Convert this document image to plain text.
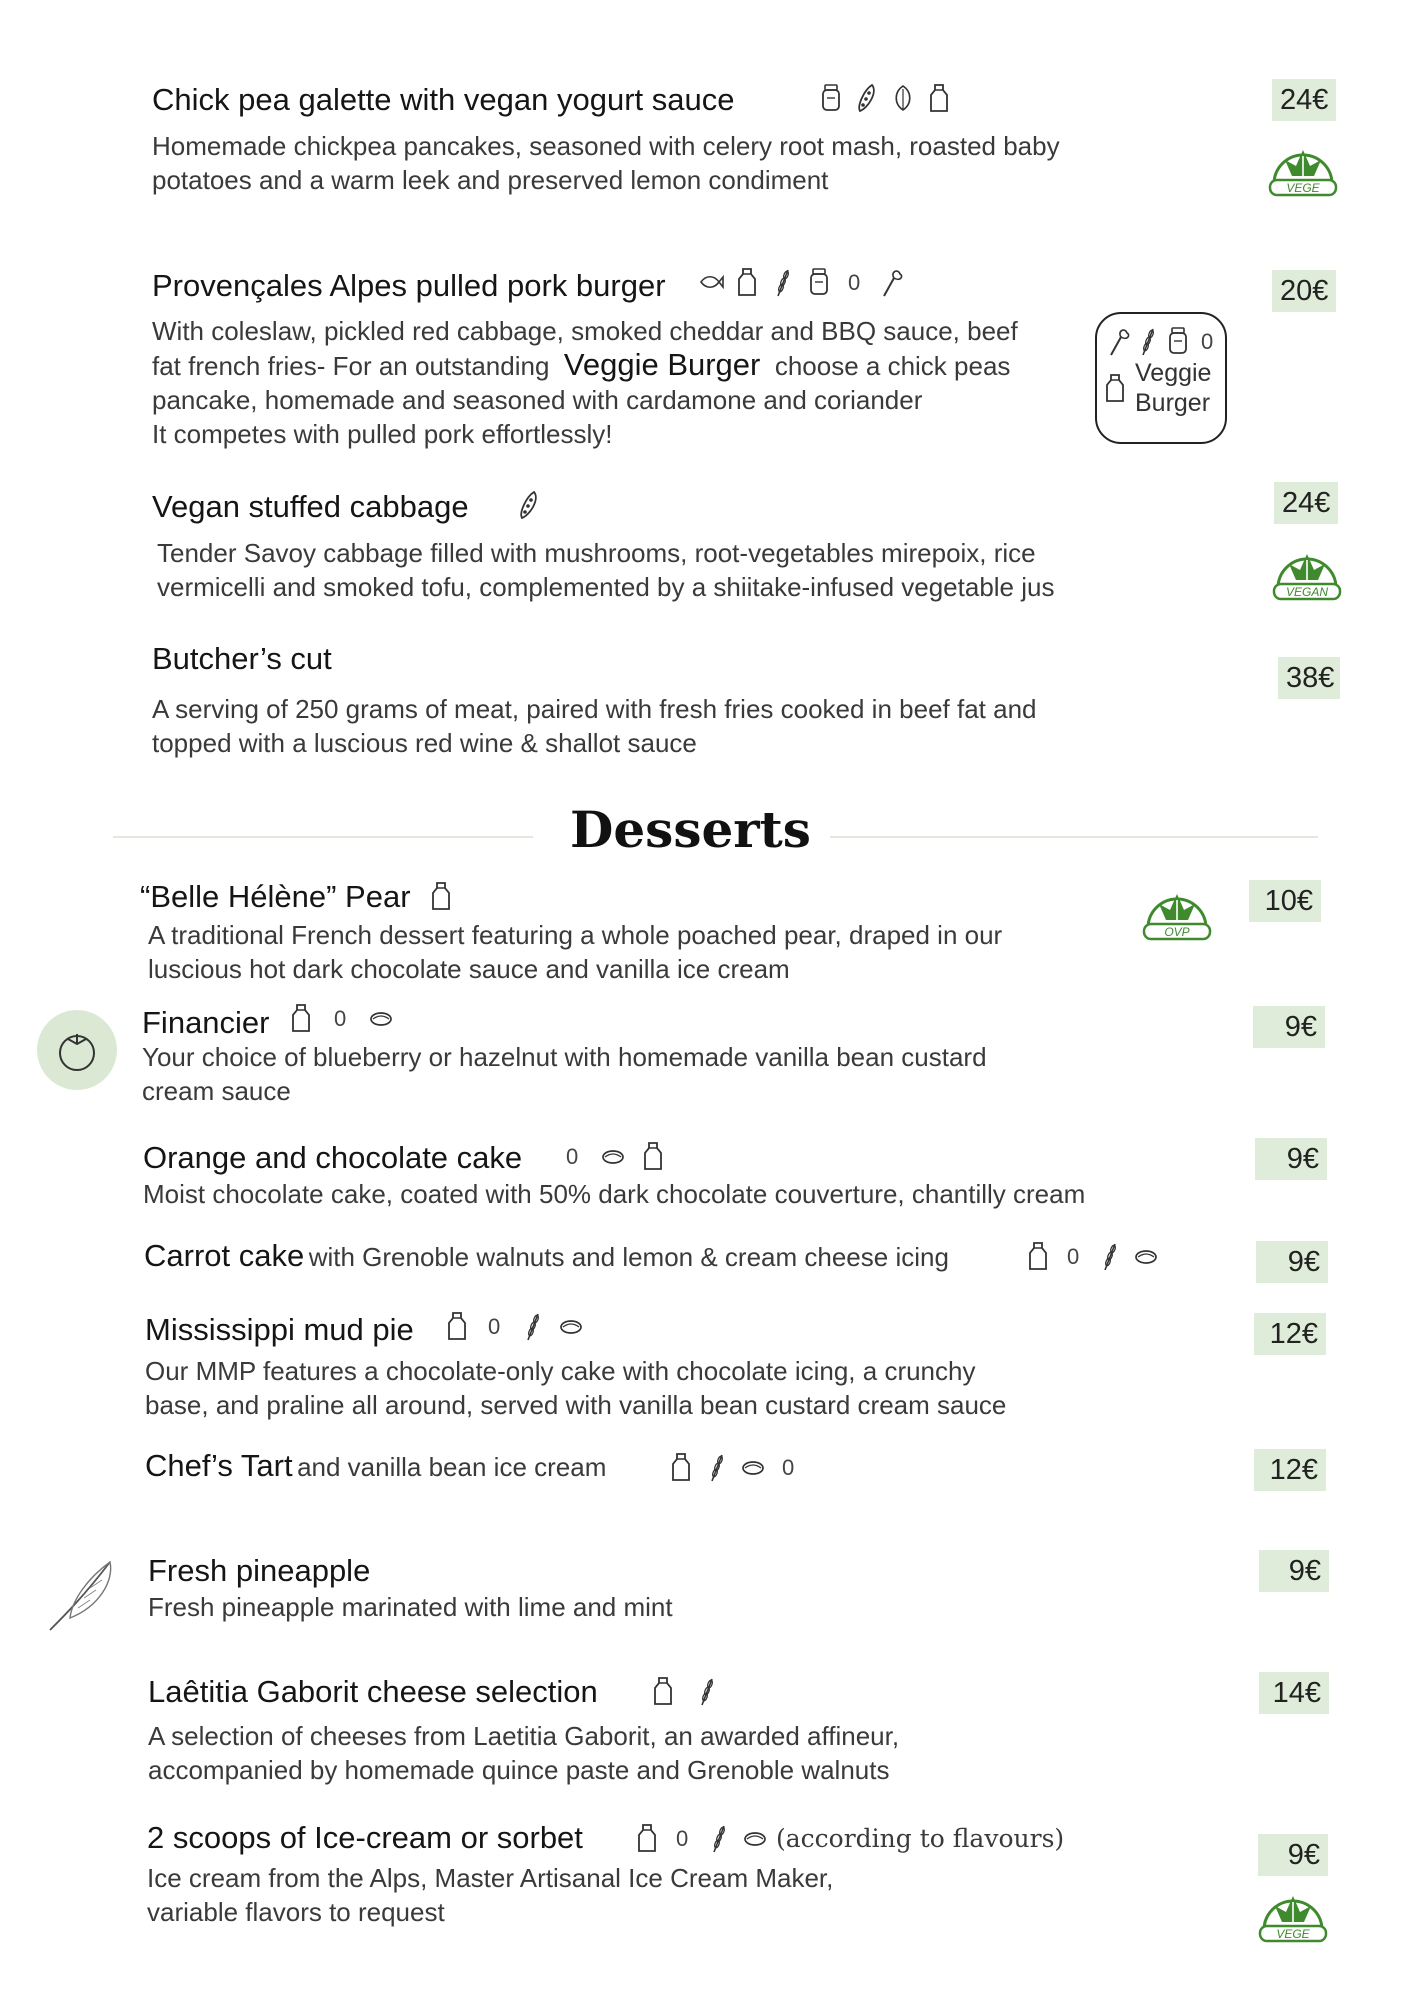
Chick pea galette with vegan yogurt sauce
Homemade chickpea pancakes, seasoned with celery root mash, roasted baby
potatoes and a warm leek and preserved lemon condiment
24€
VEGE
Provençales Alpes pulled pork burger
With coleslaw, pickled red cabbage, smoked cheddar and BBQ sauce, beef
fat french fries- For an outstanding Veggie Burger choose a chick peas
pancake, homemade and seasoned with cardamone and coriander
It competes with pulled pork effortlessly!
20€
Veggie
Burger
Vegan stuffed cabbage
Tender Savoy cabbage filled with mushrooms, root-vegetables mirepoix, rice
vermicelli and smoked tofu, complemented by a shiitake-infused vegetable jus
24€
VEGAN
Butcher’s cut
A serving of 250 grams of meat, paired with fresh fries cooked in beef fat and
topped with a luscious red wine & shallot sauce
38€
Desserts
“Belle Hélène” Pear
A traditional French dessert featuring a whole poached pear, draped in our
luscious hot dark chocolate sauce and vanilla ice cream
10€
OVP
Financier
Your choice of blueberry or hazelnut with homemade vanilla bean custard
cream sauce
9€
Orange and chocolate cake
Moist chocolate cake, coated with 50% dark chocolate couverture, chantilly cream
9€
Carrot cake with Grenoble walnuts and lemon & cream cheese icing	9€
Mississippi mud pie
Our MMP features a chocolate-only cake with chocolate icing, a crunchy
base, and praline all around, served with vanilla bean custard cream sauce
12€
Chef’s Tart and vanilla bean ice cream	12€
Fresh pineapple
Fresh pineapple marinated with lime and mint
9€
Laêtitia Gaborit cheese selection
A selection of cheeses from Laetitia Gaborit, an awarded affineur,
accompanied by homemade quince paste and Grenoble walnuts
14€
2 scoops of Ice-cream or sorbet	(according to flavours)
Ice cream from the Alps, Master Artisanal Ice Cream Maker,
variable flavors to request
9€
VEGE
